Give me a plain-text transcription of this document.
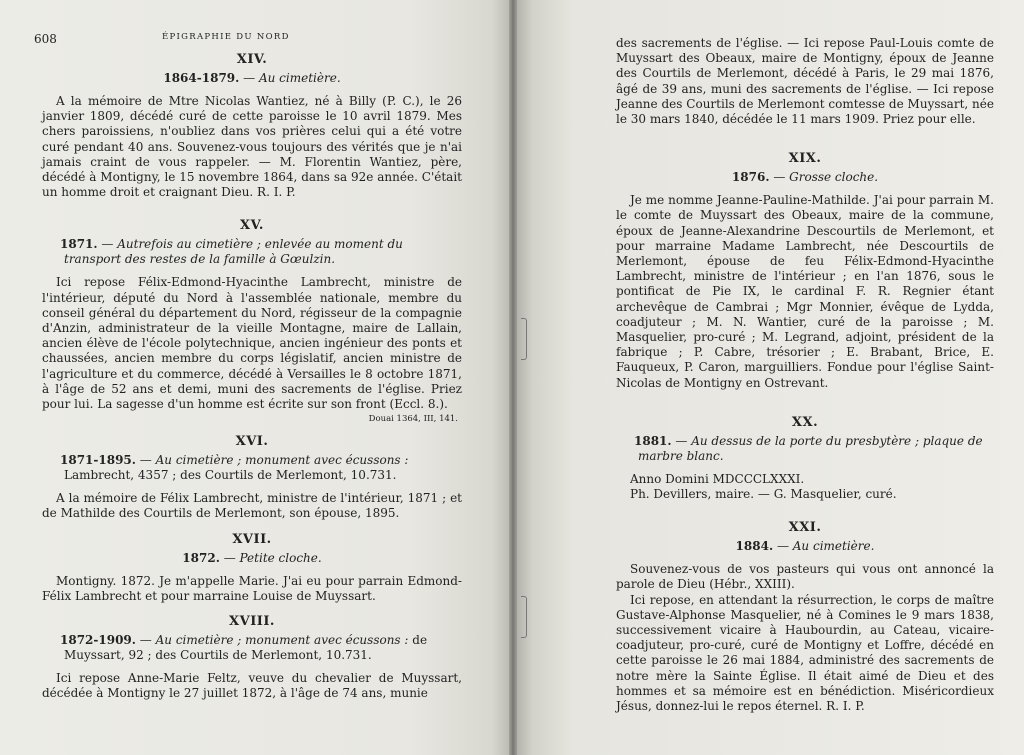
608	ÉPIGRAPHIE DU NORD
XIV.
1864-1879. — Au cimetière.

A la mémoire de Mtre Nicolas Wantiez, né à Billy (P. C.), le 26 janvier 1809, décédé curé de cette paroisse le 10 avril 1879. Mes chers paroissiens, n'oubliez dans vos prières celui qui a été votre curé pendant 40 ans. Souvenez-vous toujours des vérités que je n'ai jamais craint de vous rappeler. — M. Florentin Wantiez, père, décédé à Montigny, le 15 novembre 1864, dans sa 92e année. C'était un homme droit et craignant Dieu. R. I. P.

XV.
1871. — Autrefois au cimetière ; enlevée au moment du transport des restes de la famille à Gœulzin.

Ici repose Félix-Edmond-Hyacinthe Lambrecht, ministre de l'intérieur, député du Nord à l'assemblée nationale, membre du conseil général du département du Nord, régisseur de la compagnie d'Anzin, administrateur de la vieille Montagne, maire de Lallain, ancien élève de l'école polytechnique, ancien ingénieur des ponts et chaussées, ancien membre du corps législatif, ancien ministre de l'agriculture et du commerce, décédé à Versailles le 8 octobre 1871, à l'âge de 52 ans et demi, muni des sacrements de l'église. Priez pour lui. La sagesse d'un homme est écrite sur son front (Eccl. 8.).

Douai 1364, III, 141.
XVI.
1871-1895. — Au cimetière ; monument avec écussons : Lambrecht, 4357 ; des Courtils de Merlemont, 10.731.

A la mémoire de Félix Lambrecht, ministre de l'intérieur, 1871 ; et de Mathilde des Courtils de Merlemont, son épouse, 1895.

XVII.
1872. — Petite cloche.

Montigny. 1872. Je m'appelle Marie. J'ai eu pour parrain Edmond-Félix Lambrecht et pour marraine Louise de Muyssart.

XVIII.
1872-1909. — Au cimetière ; monument avec écussons : de Muyssart, 92 ; des Courtils de Merlemont, 10.731.

Ici repose Anne-Marie Feltz, veuve du chevalier de Muyssart, décédée à Montigny le 27 juillet 1872, à l'âge de 74 ans, munie

des sacrements de l'église. — Ici repose Paul-Louis comte de Muyssart des Obeaux, maire de Montigny, époux de Jeanne des Courtils de Merlemont, décédé à Paris, le 29 mai 1876, âgé de 39 ans, muni des sacrements de l'église. — Ici repose Jeanne des Courtils de Merlemont comtesse de Muyssart, née le 30 mars 1840, décédée le 11 mars 1909. Priez pour elle.

XIX.
1876. — Grosse cloche.

Je me nomme Jeanne-Pauline-Mathilde. J'ai pour parrain M. le comte de Muyssart des Obeaux, maire de la commune, époux de Jeanne-Alexandrine Descourtils de Merlemont, et pour marraine Madame Lambrecht, née Descourtils de Merlemont, épouse de feu Félix-Edmond-Hyacinthe Lambrecht, ministre de l'intérieur ; en l'an 1876, sous le pontificat de Pie IX, le cardinal F. R. Regnier étant archevêque de Cambrai ; Mgr Monnier, évêque de Lydda, coadjuteur ; M. N. Wantier, curé de la paroisse ; M. Masquelier, pro-curé ; M. Legrand, adjoint, président de la fabrique ; P. Cabre, trésorier ; E. Brabant, Brice, E. Fauqueux, P. Caron, marguilliers. Fondue pour l'église Saint-Nicolas de Montigny en Ostrevant.

XX.
1881. — Au dessus de la porte du presbytère ; plaque de marbre blanc.

Anno Domini MDCCCLXXXI.

Ph. Devillers, maire. — G. Masquelier, curé.

XXI.
1884. — Au cimetière.

Souvenez-vous de vos pasteurs qui vous ont annoncé la parole de Dieu (Hébr., XXIII).

Ici repose, en attendant la résurrection, le corps de maître Gustave-Alphonse Masquelier, né à Comines le 9 mars 1838, successivement vicaire à Haubourdin, au Cateau, vicaire-coadjuteur, pro-curé, curé de Montigny et Loffre, décédé en cette paroisse le 26 mai 1884, administré des sacrements de notre mère la Sainte Église. Il était aimé de Dieu et des hommes et sa mémoire est en bénédiction. Miséricordieux Jésus, donnez-lui le repos éternel. R. I. P.
